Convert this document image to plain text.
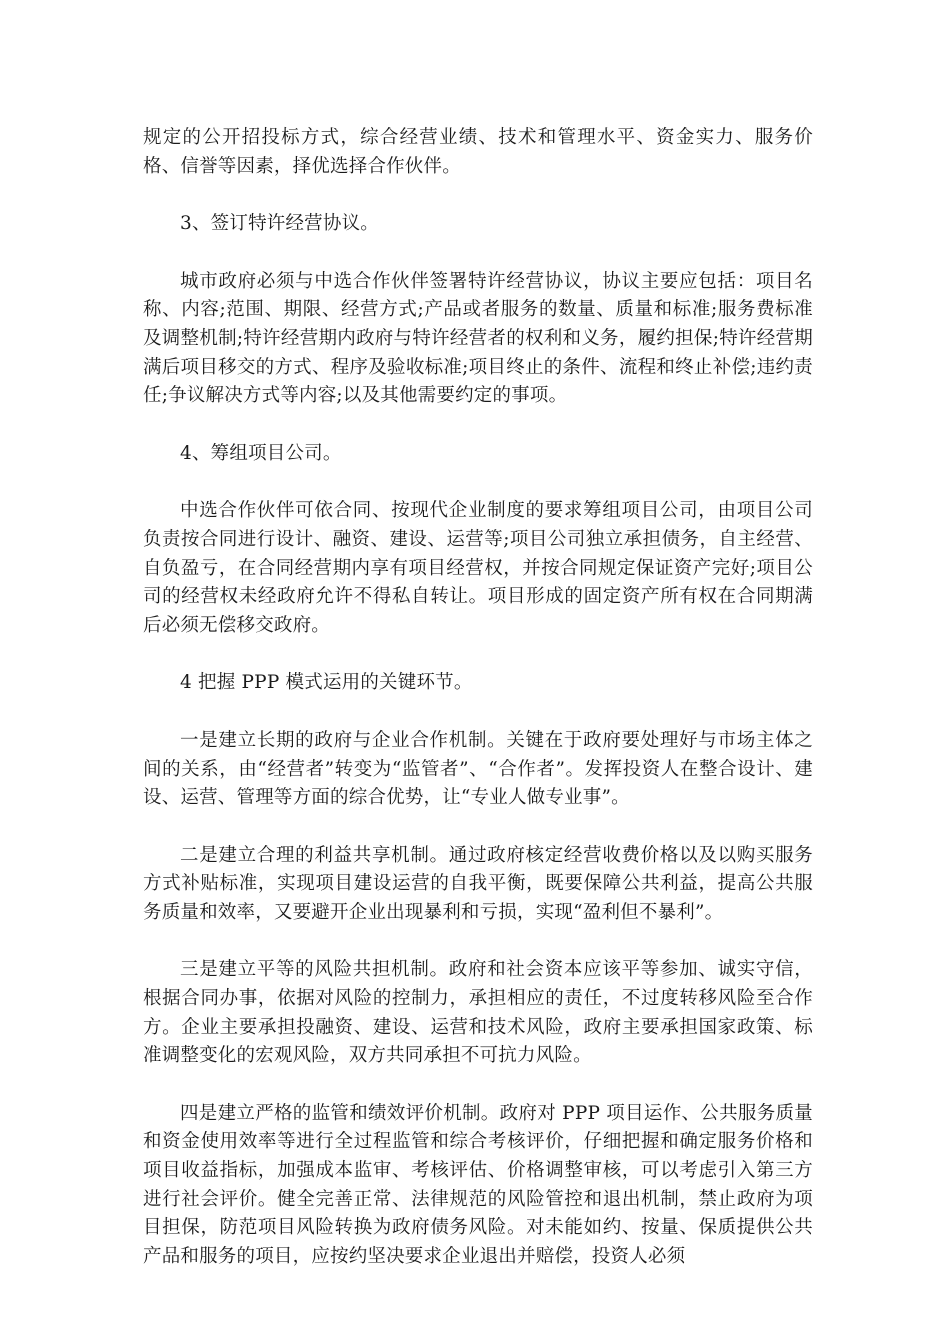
规定的公开招投标方式，综合经营业绩、技术和管理水平、资金实力、服务价格、信誉等因素，择优选择合作伙伴。

3、签订特许经营协议。

城市政府必须与中选合作伙伴签署特许经营协议，协议主要应包括：项目名称、内容;范围、期限、经营方式;产品或者服务的数量、质量和标准;服务费标准及调整机制;特许经营期内政府与特许经营者的权利和义务，履约担保;特许经营期满后项目移交的方式、程序及验收标准;项目终止的条件、流程和终止补偿;违约责任;争议解决方式等内容;以及其他需要约定的事项。

4、筹组项目公司。

中选合作伙伴可依合同、按现代企业制度的要求筹组项目公司，由项目公司负责按合同进行设计、融资、建设、运营等;项目公司独立承担债务，自主经营、自负盈亏，在合同经营期内享有项目经营权，并按合同规定保证资产完好;项目公司的经营权未经政府允许不得私自转让。项目形成的固定资产所有权在合同期满后必须无偿移交政府。

4 把握 PPP 模式运用的关键环节。

一是建立长期的政府与企业合作机制。关键在于政府要处理好与市场主体之间的关系，由“经营者”转变为“监管者”、“合作者”。发挥投资人在整合设计、建设、运营、管理等方面的综合优势，让“专业人做专业事”。

二是建立合理的利益共享机制。通过政府核定经营收费价格以及以购买服务方式补贴标准，实现项目建设运营的自我平衡，既要保障公共利益，提高公共服务质量和效率，又要避开企业出现暴利和亏损，实现“盈利但不暴利”。

三是建立平等的风险共担机制。政府和社会资本应该平等参加、诚实守信，根据合同办事，依据对风险的控制力，承担相应的责任，不过度转移风险至合作方。企业主要承担投融资、建设、运营和技术风险，政府主要承担国家政策、标准调整变化的宏观风险，双方共同承担不可抗力风险。

四是建立严格的监管和绩效评价机制。政府对 PPP 项目运作、公共服务质量和资金使用效率等进行全过程监管和综合考核评价，仔细把握和确定服务价格和项目收益指标，加强成本监审、考核评估、价格调整审核，可以考虑引入第三方进行社会评价。健全完善正常、法律规范的风险管控和退出机制，禁止政府为项目担保，防范项目风险转换为政府债务风险。对未能如约、按量、保质提供公共产品和服务的项目，应按约坚决要求企业退出并赔偿，投资人必须
